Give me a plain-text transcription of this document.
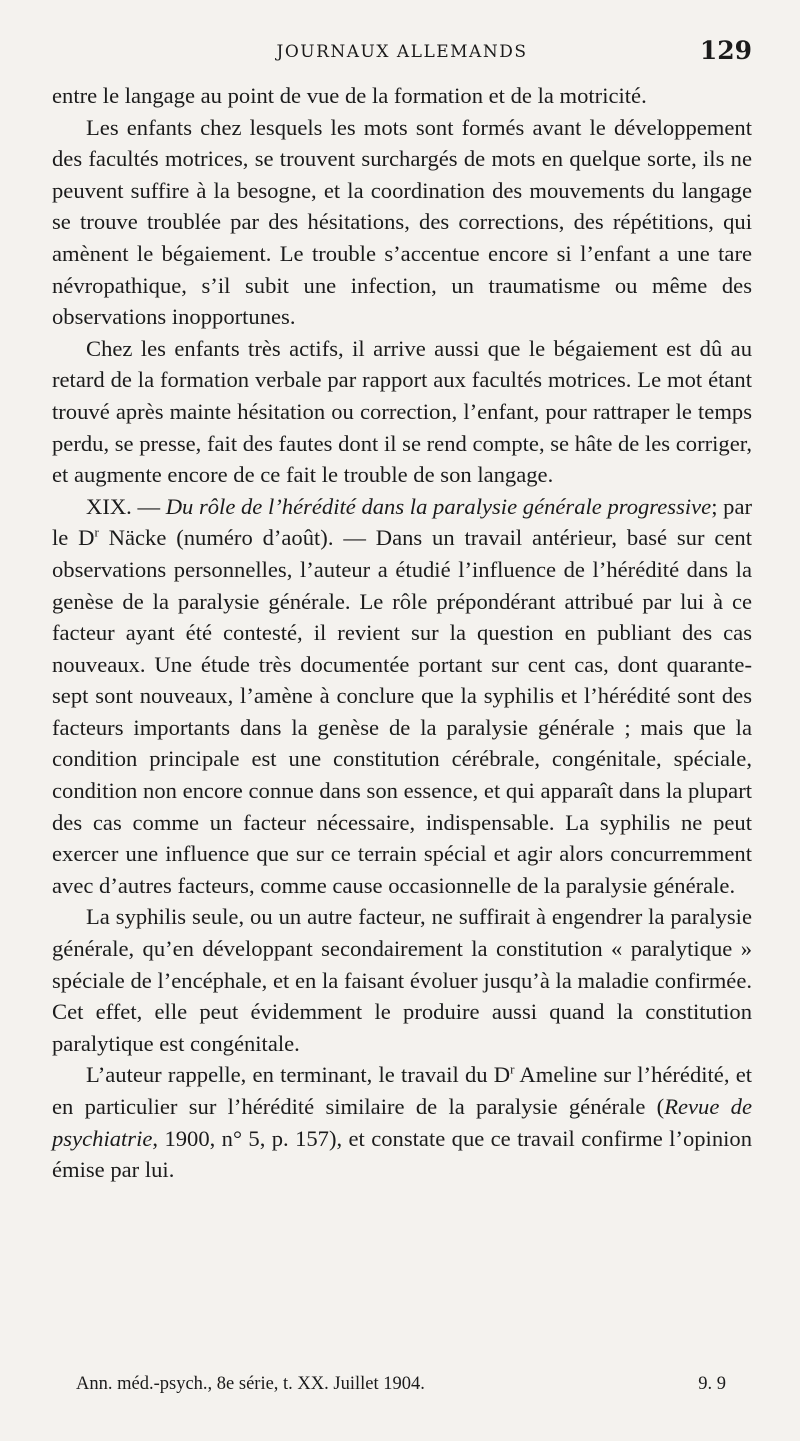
JOURNAUX ALLEMANDS	129

entre le langage au point de vue de la formation et de la motricité.

Les enfants chez lesquels les mots sont formés avant le développement des facultés motrices, se trouvent surchargés de mots en quelque sorte, ils ne peuvent suffire à la besogne, et la coordination des mouvements du langage se trouve troublée par des hésitations, des corrections, des répétitions, qui amènent le bégaiement. Le trouble s’accentue encore si l’enfant a une tare névropathique, s’il subit une infection, un traumatisme ou même des observations inopportunes.

Chez les enfants très actifs, il arrive aussi que le bégaiement est dû au retard de la formation verbale par rapport aux facultés motrices. Le mot étant trouvé après mainte hésitation ou correction, l’enfant, pour rattraper le temps perdu, se presse, fait des fautes dont il se rend compte, se hâte de les corriger, et augmente encore de ce fait le trouble de son langage.

XIX. — Du rôle de l’hérédité dans la paralysie générale progressive; par le $D^r$ Näcke (numéro d’août). — Dans un travail antérieur, basé sur cent observations personnelles, l’auteur a étudié l’influence de l’hérédité dans la genèse de la paralysie générale. Le rôle prépondérant attribué par lui à ce facteur ayant été contesté, il revient sur la question en publiant des cas nouveaux. Une étude très documentée portant sur cent cas, dont quarante-sept sont nouveaux, l’amène à conclure que la syphilis et l’hérédité sont des facteurs importants dans la genèse de la paralysie générale ; mais que la condition principale est une constitution cérébrale, congénitale, spéciale, condition non encore connue dans son essence, et qui apparaît dans la plupart des cas comme un facteur nécessaire, indispensable. La syphilis ne peut exercer une influence que sur ce terrain spécial et agir alors concurremment avec d’autres facteurs, comme cause occasionnelle de la paralysie générale.

La syphilis seule, ou un autre facteur, ne suffirait à engendrer la paralysie générale, qu’en développant secondairement la constitution « paralytique » spéciale de l’encéphale, et en la faisant évoluer jusqu’à la maladie confirmée. Cet effet, elle peut évidemment le produire aussi quand la constitution paralytique est congénitale.

L’auteur rappelle, en terminant, le travail du $D^r$ Ameline sur l’hérédité, et en particulier sur l’hérédité similaire de la paralysie générale (Revue de psychiatrie, 1900, n° 5, p. 157), et constate que ce travail confirme l’opinion émise par lui.

Ann. méd.-psych., 8e série, t. XX. Juillet 1904.	9. 9
